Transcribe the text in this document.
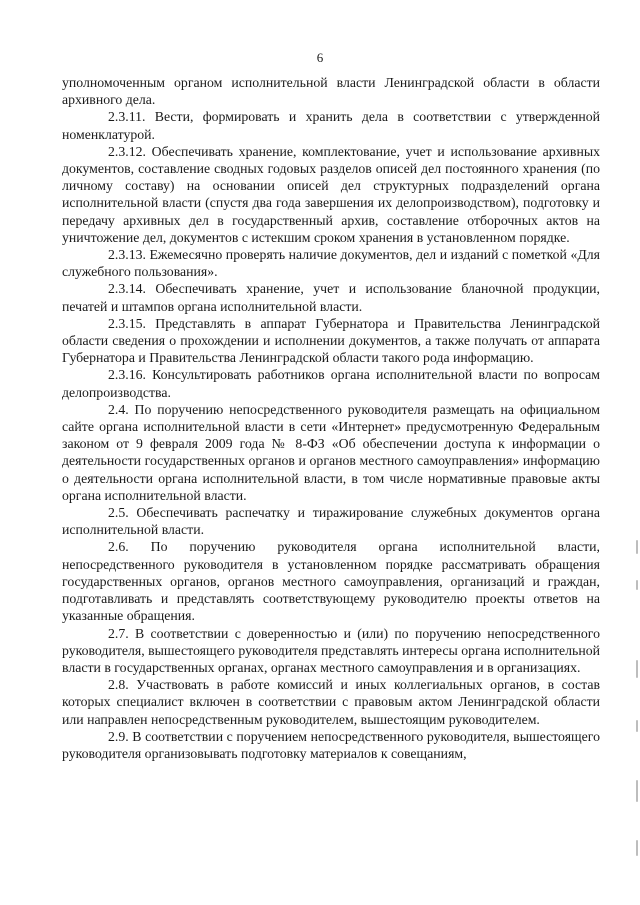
6

уполномоченным органом исполнительной власти Ленинградской области в области архивного дела.

2.3.11. Вести, формировать и хранить дела в соответствии с утвержденной номенклатурой.

2.3.12. Обеспечивать хранение, комплектование, учет и использование архивных документов, составление сводных годовых разделов описей дел постоянного хранения (по личному составу) на основании описей дел структурных подразделений органа исполнительной власти (спустя два года завершения их делопроизводством), подготовку и передачу архивных дел в государственный архив, составление отборочных актов на уничтожение дел, документов с истекшим сроком хранения в установленном порядке.

2.3.13. Ежемесячно проверять наличие документов, дел и изданий с пометкой «Для служебного пользования».

2.3.14. Обеспечивать хранение, учет и использование бланочной продукции, печатей и штампов органа исполнительной власти.

2.3.15. Представлять в аппарат Губернатора и Правительства Ленинградской области сведения о прохождении и исполнении документов, а также получать от аппарата Губернатора и Правительства Ленинградской области такого рода информацию.

2.3.16. Консультировать работников органа исполнительной власти по вопросам делопроизводства.

2.4. По поручению непосредственного руководителя размещать на официальном сайте органа исполнительной власти в сети «Интернет» предусмотренную Федеральным законом от 9 февраля 2009 года № 8-ФЗ «Об обеспечении доступа к информации о деятельности государственных органов и органов местного самоуправления» информацию о деятельности органа исполнительной власти, в том числе нормативные правовые акты органа исполнительной власти.

2.5. Обеспечивать распечатку и тиражирование служебных документов органа исполнительной власти.

2.6. По поручению руководителя органа исполнительной власти, непосредственного руководителя в установленном порядке рассматривать обращения государственных органов, органов местного самоуправления, организаций и граждан, подготавливать и представлять соответствующему руководителю проекты ответов на указанные обращения.

2.7. В соответствии с доверенностью и (или) по поручению непосредственного руководителя, вышестоящего руководителя представлять интересы органа исполнительной власти в государственных органах, органах местного самоуправления и в организациях.

2.8. Участвовать в работе комиссий и иных коллегиальных органов, в состав которых специалист включен в соответствии с правовым актом Ленинградской области или направлен непосредственным руководителем, вышестоящим руководителем.

2.9. В соответствии с поручением непосредственного руководителя, вышестоящего руководителя организовывать подготовку материалов к совещаниям,
